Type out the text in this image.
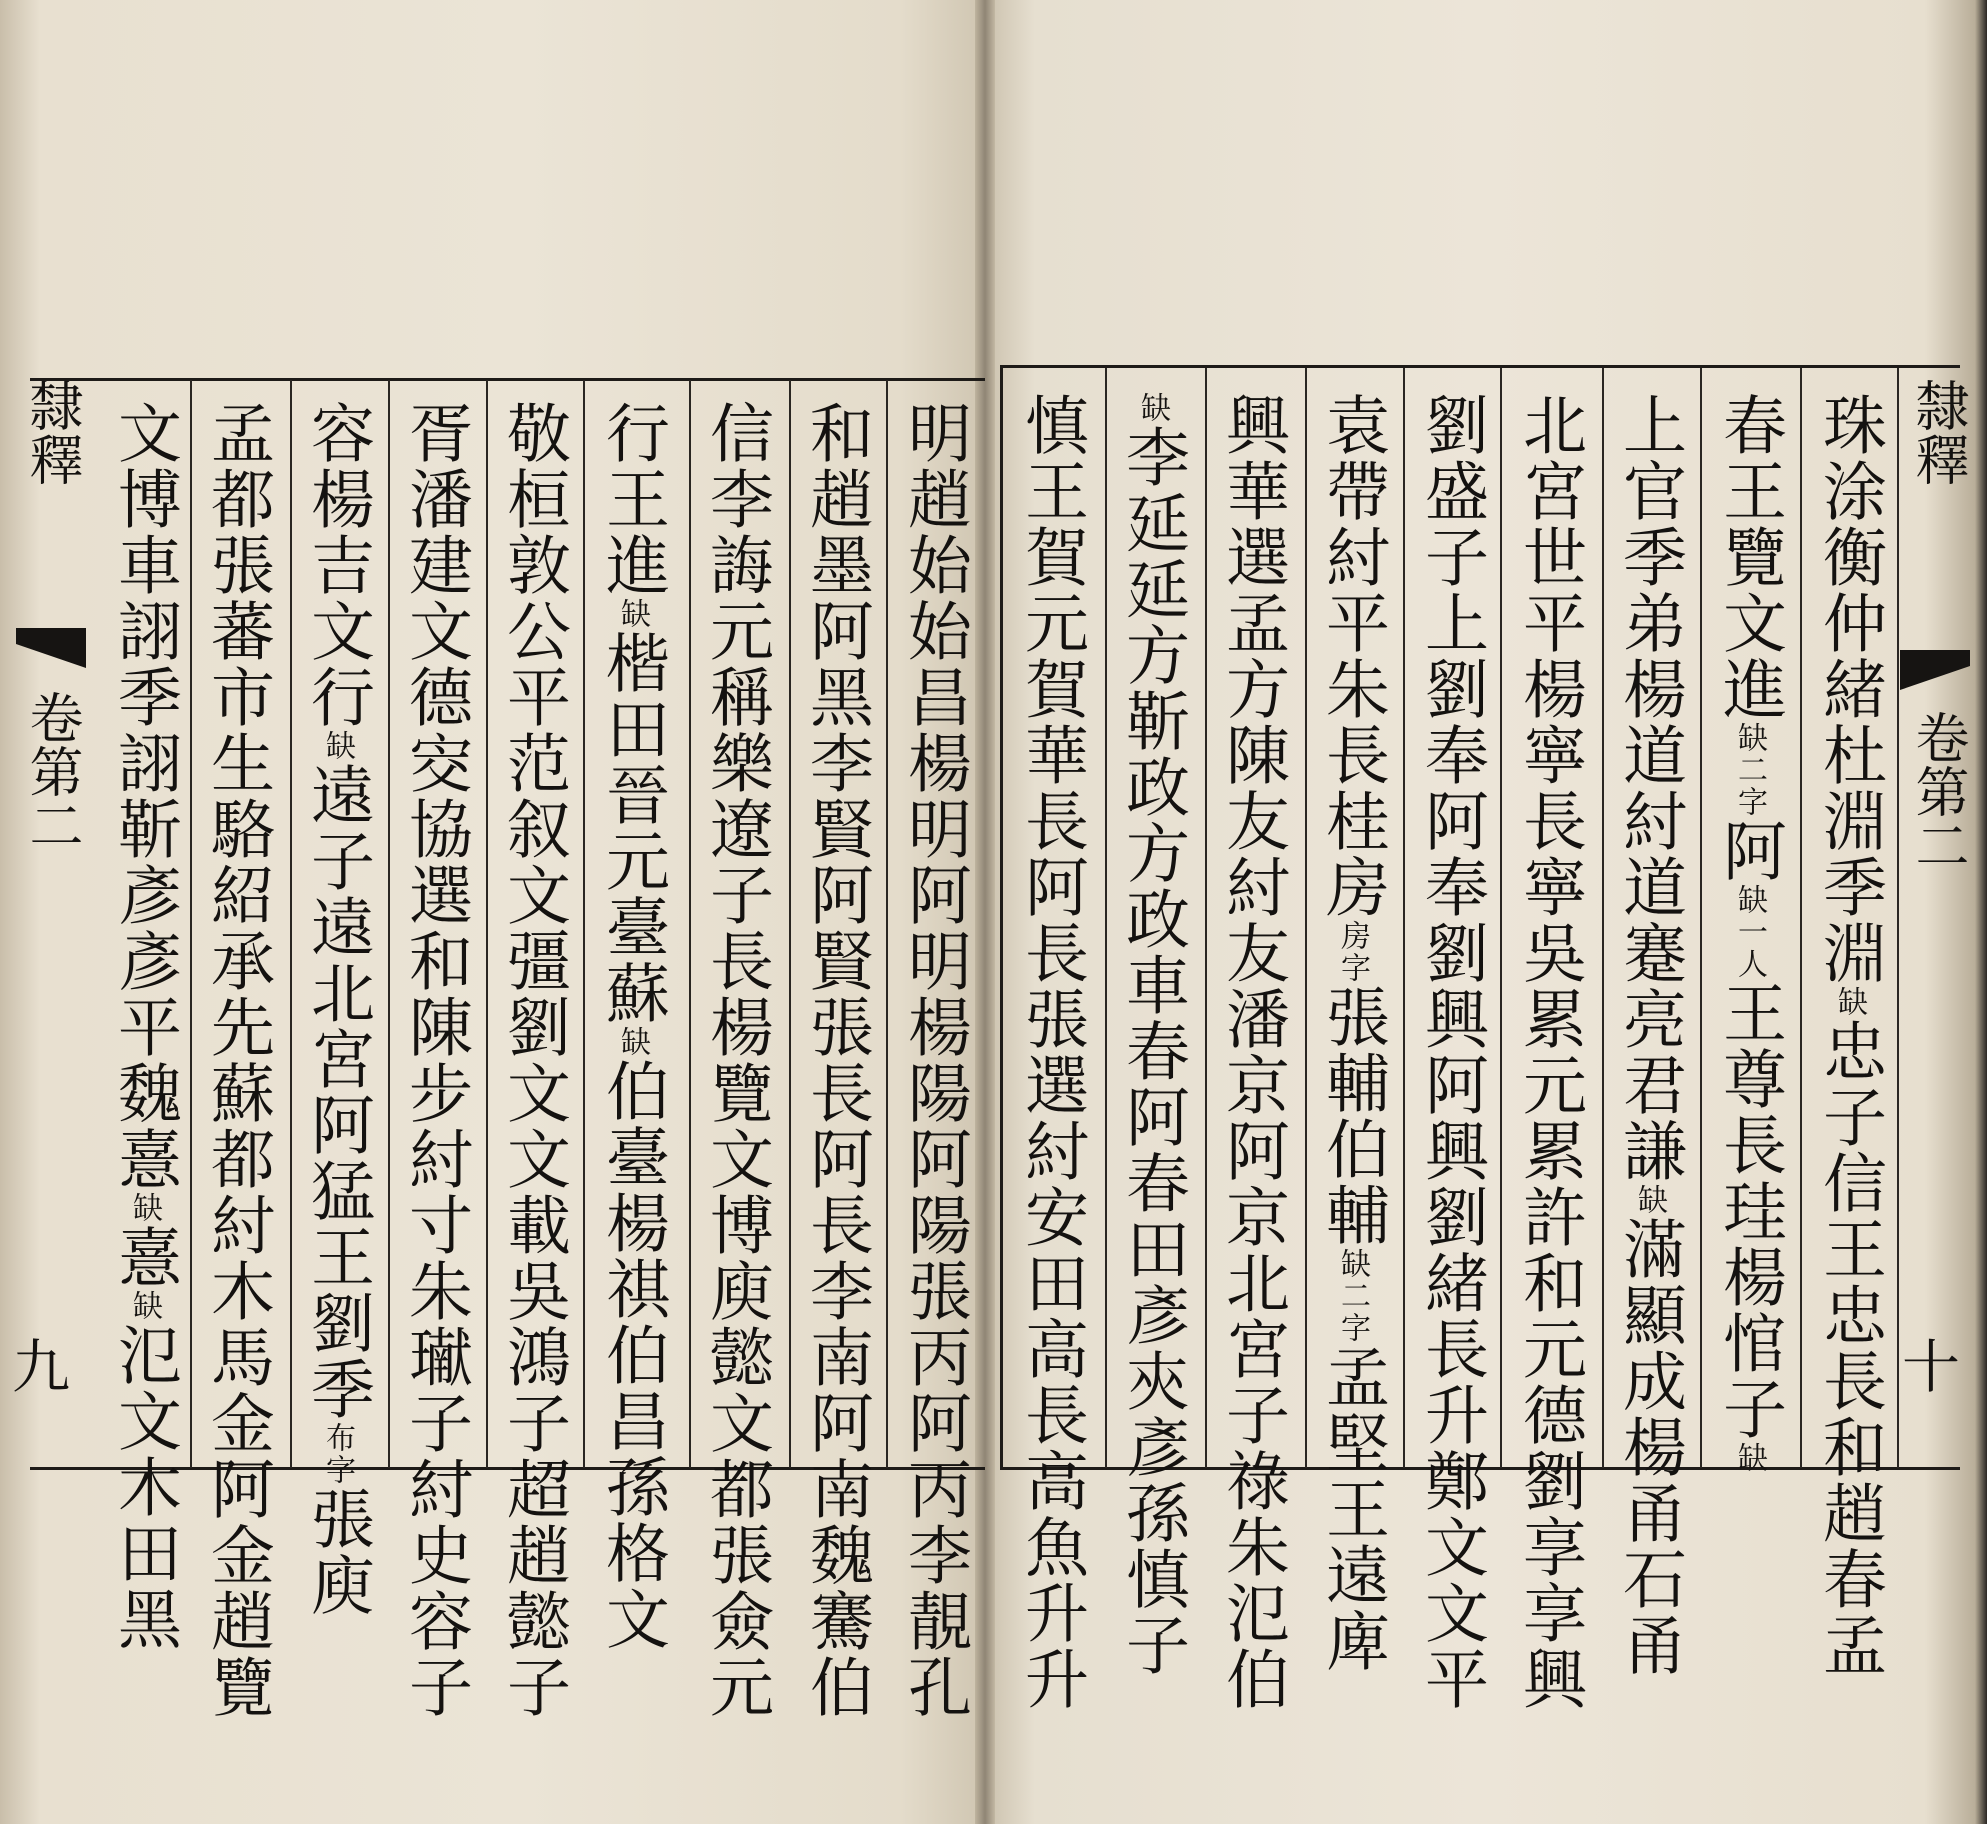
隸釋
卷第二
九
隸釋
卷第二
十
明趙始始昌楊明阿明楊陽阿陽張丙阿丙李靚孔
和趙墨阿黑李賢阿賢張長阿長李南阿南魏騫伯
信李誨元稱樂遼子長楊覽文博庾懿文都張僉元
行王進缺楷田晉元臺蘇缺伯臺楊祺伯昌孫格文
敬桓敦公平范叙文彊劉文文載吳鴻子超趙懿子
胥潘建文德㝔協選和陳步紂寸朱𤩽子紂史容子
容楊吉文行缺遠子遠北宮阿猛王劉季布字張庾
孟都張蕃市生駱紹承先蘇都紂木馬金阿金趙覽
文博車詡季詡靳彥彥平魏憙缺憙缺氾文木田黑
珠涂衡仲緒杜淵季淵缺忠子信王忠長和趙春孟
春王覽文進缺二字阿缺一人王尊長珪楊悺子缺
上官季弟楊道紂道蹇亮君謙缺滿顯成楊甬石甬
北宮世平楊寧長寧吳累元累許和元德劉享享興
劉盛子上劉奉阿奉劉興阿興劉緒長升鄭文文平
袁帶紂平朱長桂房房字張輔伯輔缺二字孟堅王遠庳
興華選孟方陳友紂友潘京阿京北宮子祿朱氾伯
缺李延延方靳政方政車春阿春田彥㚒彥孫慎子
慎王賀元賀華長阿長張選紂安田高長高魚升升
